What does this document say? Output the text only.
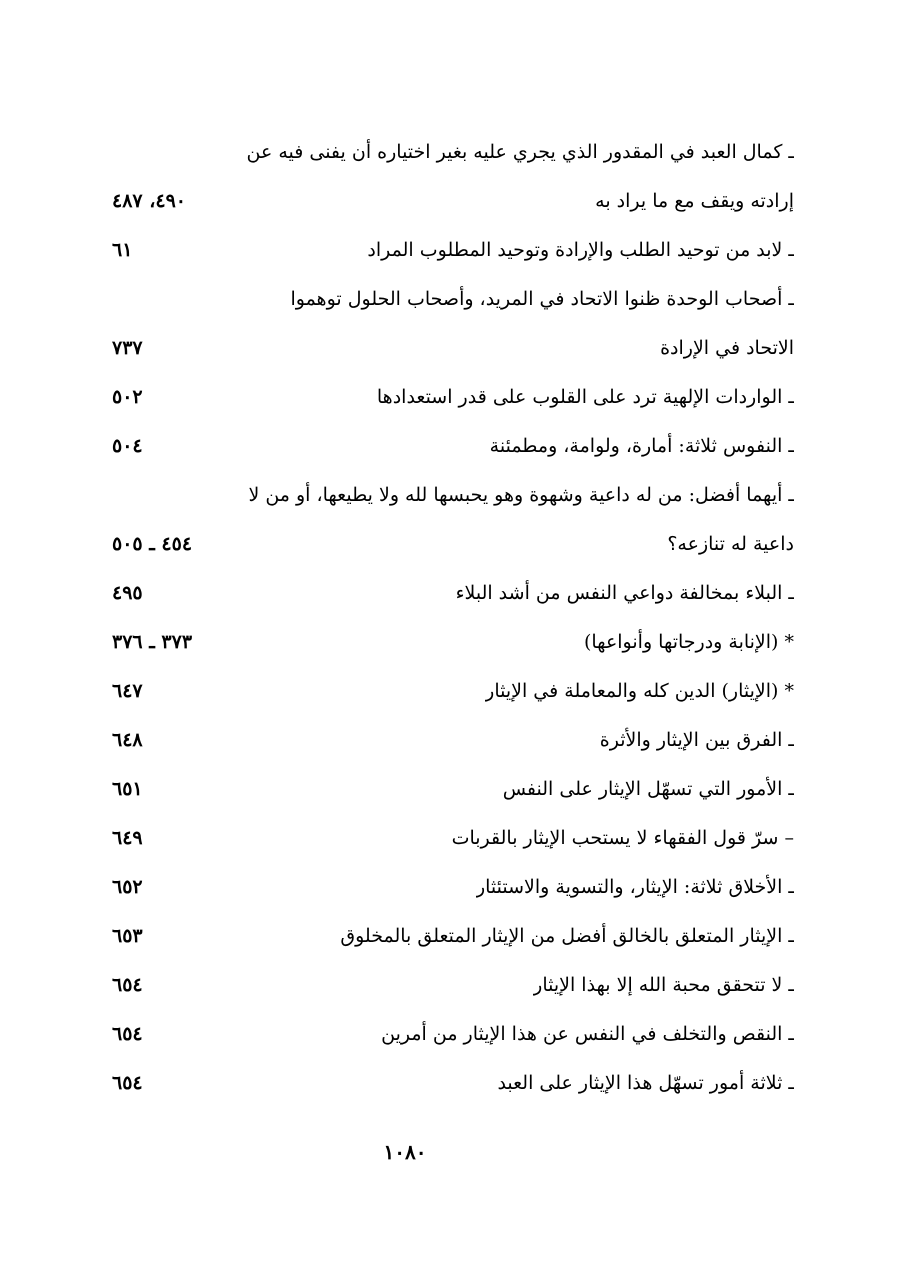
ـ كمال العبد في المقدور الذي يجري عليه بغير اختياره أن يفنى فيه عن
إرادته ويقف مع ما يراد به
٤٩٠، ٤٨٧
ـ لابد من توحيد الطلب والإرادة وتوحيد المطلوب المراد
٦١
ـ أصحاب الوحدة ظنوا الاتحاد في المريد، وأصحاب الحلول توهموا
الاتحاد في الإرادة
٧٣٧
ـ الواردات الإلهية ترد على القلوب على قدر استعدادها
٥٠٢
ـ النفوس ثلاثة: أمارة، ولوامة، ومطمئنة
٥٠٤
ـ أيهما أفضل: من له داعية وشهوة وهو يحبسها لله ولا يطيعها، أو من لا
داعية له تنازعه؟
٤٥٤ ـ ٥٠٥
ـ البلاء بمخالفة دواعي النفس من أشد البلاء
٤٩٥
* (الإنابة ودرجاتها وأنواعها)
٣٧٣ ـ ٣٧٦
* (الإيثار) الدين كله والمعاملة في الإيثار
٦٤٧
ـ الفرق بين الإيثار والأثرة
٦٤٨
ـ الأمور التي تسهّل الإيثار على النفس
٦٥١
– سرّ قول الفقهاء لا يستحب الإيثار بالقربات
٦٤٩
ـ الأخلاق ثلاثة: الإيثار، والتسوية والاستئثار
٦٥٢
ـ الإيثار المتعلق بالخالق أفضل من الإيثار المتعلق بالمخلوق
٦٥٣
ـ لا تتحقق محبة الله إلا بهذا الإيثار
٦٥٤
ـ النقص والتخلف في النفس عن هذا الإيثار من أمرين
٦٥٤
ـ ثلاثة أمور تسهّل هذا الإيثار على العبد
٦٥٤
١٠٨٠
